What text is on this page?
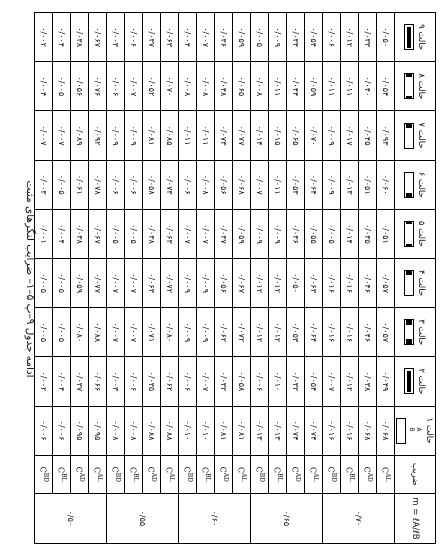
ادامه جدول ۹–پ ۵–۱– ضرایب لنگرهای مثبت
m = ℓA/ℓB	ضریب	حالت ۱
A
B	حالت ۲	حالت ۳	حالت ۴	حالت ۵	حالت ۶	حالت ۷	حالت ۸	حالت ۹

۰/۷۰	$C^{AL}$	۰/۰۶۸	۰/۰۴۹	۰/۰۵۷	۰/۰۵۷	۰/۰۵۱	۰/۰۶۰	۰/۰۹۳	۰/۰۵۴	۰/۰۵۰
	$C^{AD}$	۰/۰۶۸	۰/۰۳۸	۰/۰۴۶	۰/۰۴۶	۰/۰۳۵	۰/۰۵۱	۰/۰۴۵	۰/۰۴۰	۰/۰۳۳
	$C^{BL}$	۰/۰۱۶	۰/۰۱۲	۰/۰۱۶	۰/۰۱۶	۰/۰۱۴	۰/۰۱۳	۰/۰۱۷	۰/۰۱۱	۰/۰۱۲
	$C^{BD}$	۰/۰۱۶	۰/۰۰۷	۰/۰۱۶	۰/۰۱۶	۰/۰۰۵	۰/۰۰۹	۰/۰۰۹	۰/۰۱۱	۰/۰۰۶
۰/۶۵	$C^{AL}$	۰/۰۷۴	۰/۰۵۴	۰/۰۶۴	۰/۰۶۳	۰/۰۵۵	۰/۰۶۴	۰/۰۷۰	۰/۰۵۹	۰/۰۵۴
	$C^{AD}$	۰/۰۷۴	۰/۰۳۲	۰/۰۵۳	۰/۰۵۰	۰/۰۳۶	۰/۰۵۳	۰/۰۶۵	۰/۰۴۴	۰/۰۳۴
	$C^{BL}$	۰/۰۱۳	۰/۰۱۰	۰/۰۱۲	۰/۰۱۲	۰/۰۰۹	۰/۰۱۱	۰/۰۱۵	۰/۰۱۱	۰/۰۰۹
	$C^{BD}$	۰/۰۱۳	۰/۰۰۶	۰/۰۱۲	۰/۰۱۲	۰/۰۰۹	۰/۰۰۷	۰/۰۱۴	۰/۰۰۸	۰/۰۰۵
۰/۶۰	$C^{AL}$	۰/۰۸۱	۰/۰۵۸	۰/۰۷۲	۰/۰۶۷	۰/۰۵۹	۰/۰۶۸	۰/۰۷۷	۰/۰۶۵	۰/۰۵۹
	$C^{AD}$	۰/۰۸۱	۰/۰۳۲	۰/۰۶۲	۰/۰۵۶	۰/۰۳۷	۰/۰۵۶	۰/۰۷۳	۰/۰۴۸	۰/۰۳۶
	$C^{BL}$	۰/۰۱۰	۰/۰۰۷	۰/۰۰۹	۰/۰۰۹	۰/۰۰۷	۰/۰۰۸	۰/۰۱۱	۰/۰۰۸	۰/۰۰۷
	$C^{BD}$	۰/۰۱۰	۰/۰۰۶	۰/۰۰۹	۰/۰۰۹	۰/۰۰۷	۰/۰۰۶	۰/۰۱۱	۰/۰۰۸	۰/۰۰۴
۰/۵۵	$C^{AL}$	۰/۰۸۸	۰/۰۶۲	۰/۰۸۰	۰/۰۷۲	۰/۰۶۳	۰/۰۷۳	۰/۰۸۵	۰/۰۷۰	۰/۰۶۳
	$C^{AD}$	۰/۰۸۸	۰/۰۳۵	۰/۰۷۱	۰/۰۶۳	۰/۰۳۸	۰/۰۵۸	۰/۰۸۱	۰/۰۵۲	۰/۰۳۷
	$C^{BL}$	۰/۰۰۸	۰/۰۰۶	۰/۰۰۷	۰/۰۰۷	۰/۰۰۵	۰/۰۰۶	۰/۰۰۹	۰/۰۰۷	۰/۰۰۶
	$C^{BD}$	۰/۰۰۸	۰/۰۰۳	۰/۰۰۷	۰/۰۰۷	۰/۰۰۵	۰/۰۰۶	۰/۰۰۹	۰/۰۰۶	۰/۰۰۳
۰/۵۰	$C^{AL}$	۰/۰۹۵	۰/۰۶۶	۰/۰۸۸	۰/۰۷۷	۰/۰۶۷	۰/۰۷۸	۰/۰۹۲	۰/۰۷۶	۰/۰۶۷
	$C^{AD}$	۰/۰۹۵	۰/۰۳۷	۰/۰۸۰	۰/۰۵۹	۰/۰۳۸	۰/۰۶۱	۰/۰۸۹	۰/۰۵۶	۰/۰۳۸
	$C^{BL}$	۰/۰۰۶	۰/۰۰۴	۰/۰۰۵	۰/۰۰۵	۰/۰۰۴	۰/۰۰۵	۰/۰۰۷	۰/۰۰۵	۰/۰۰۴
	$C^{BD}$	۰/۰۰۶	۰/۰۰۲	۰/۰۰۵	۰/۰۰۵	۰/۰۰۱	۰/۰۰۳	۰/۰۰۷	۰/۰۰۴	۰/۰۰۲
